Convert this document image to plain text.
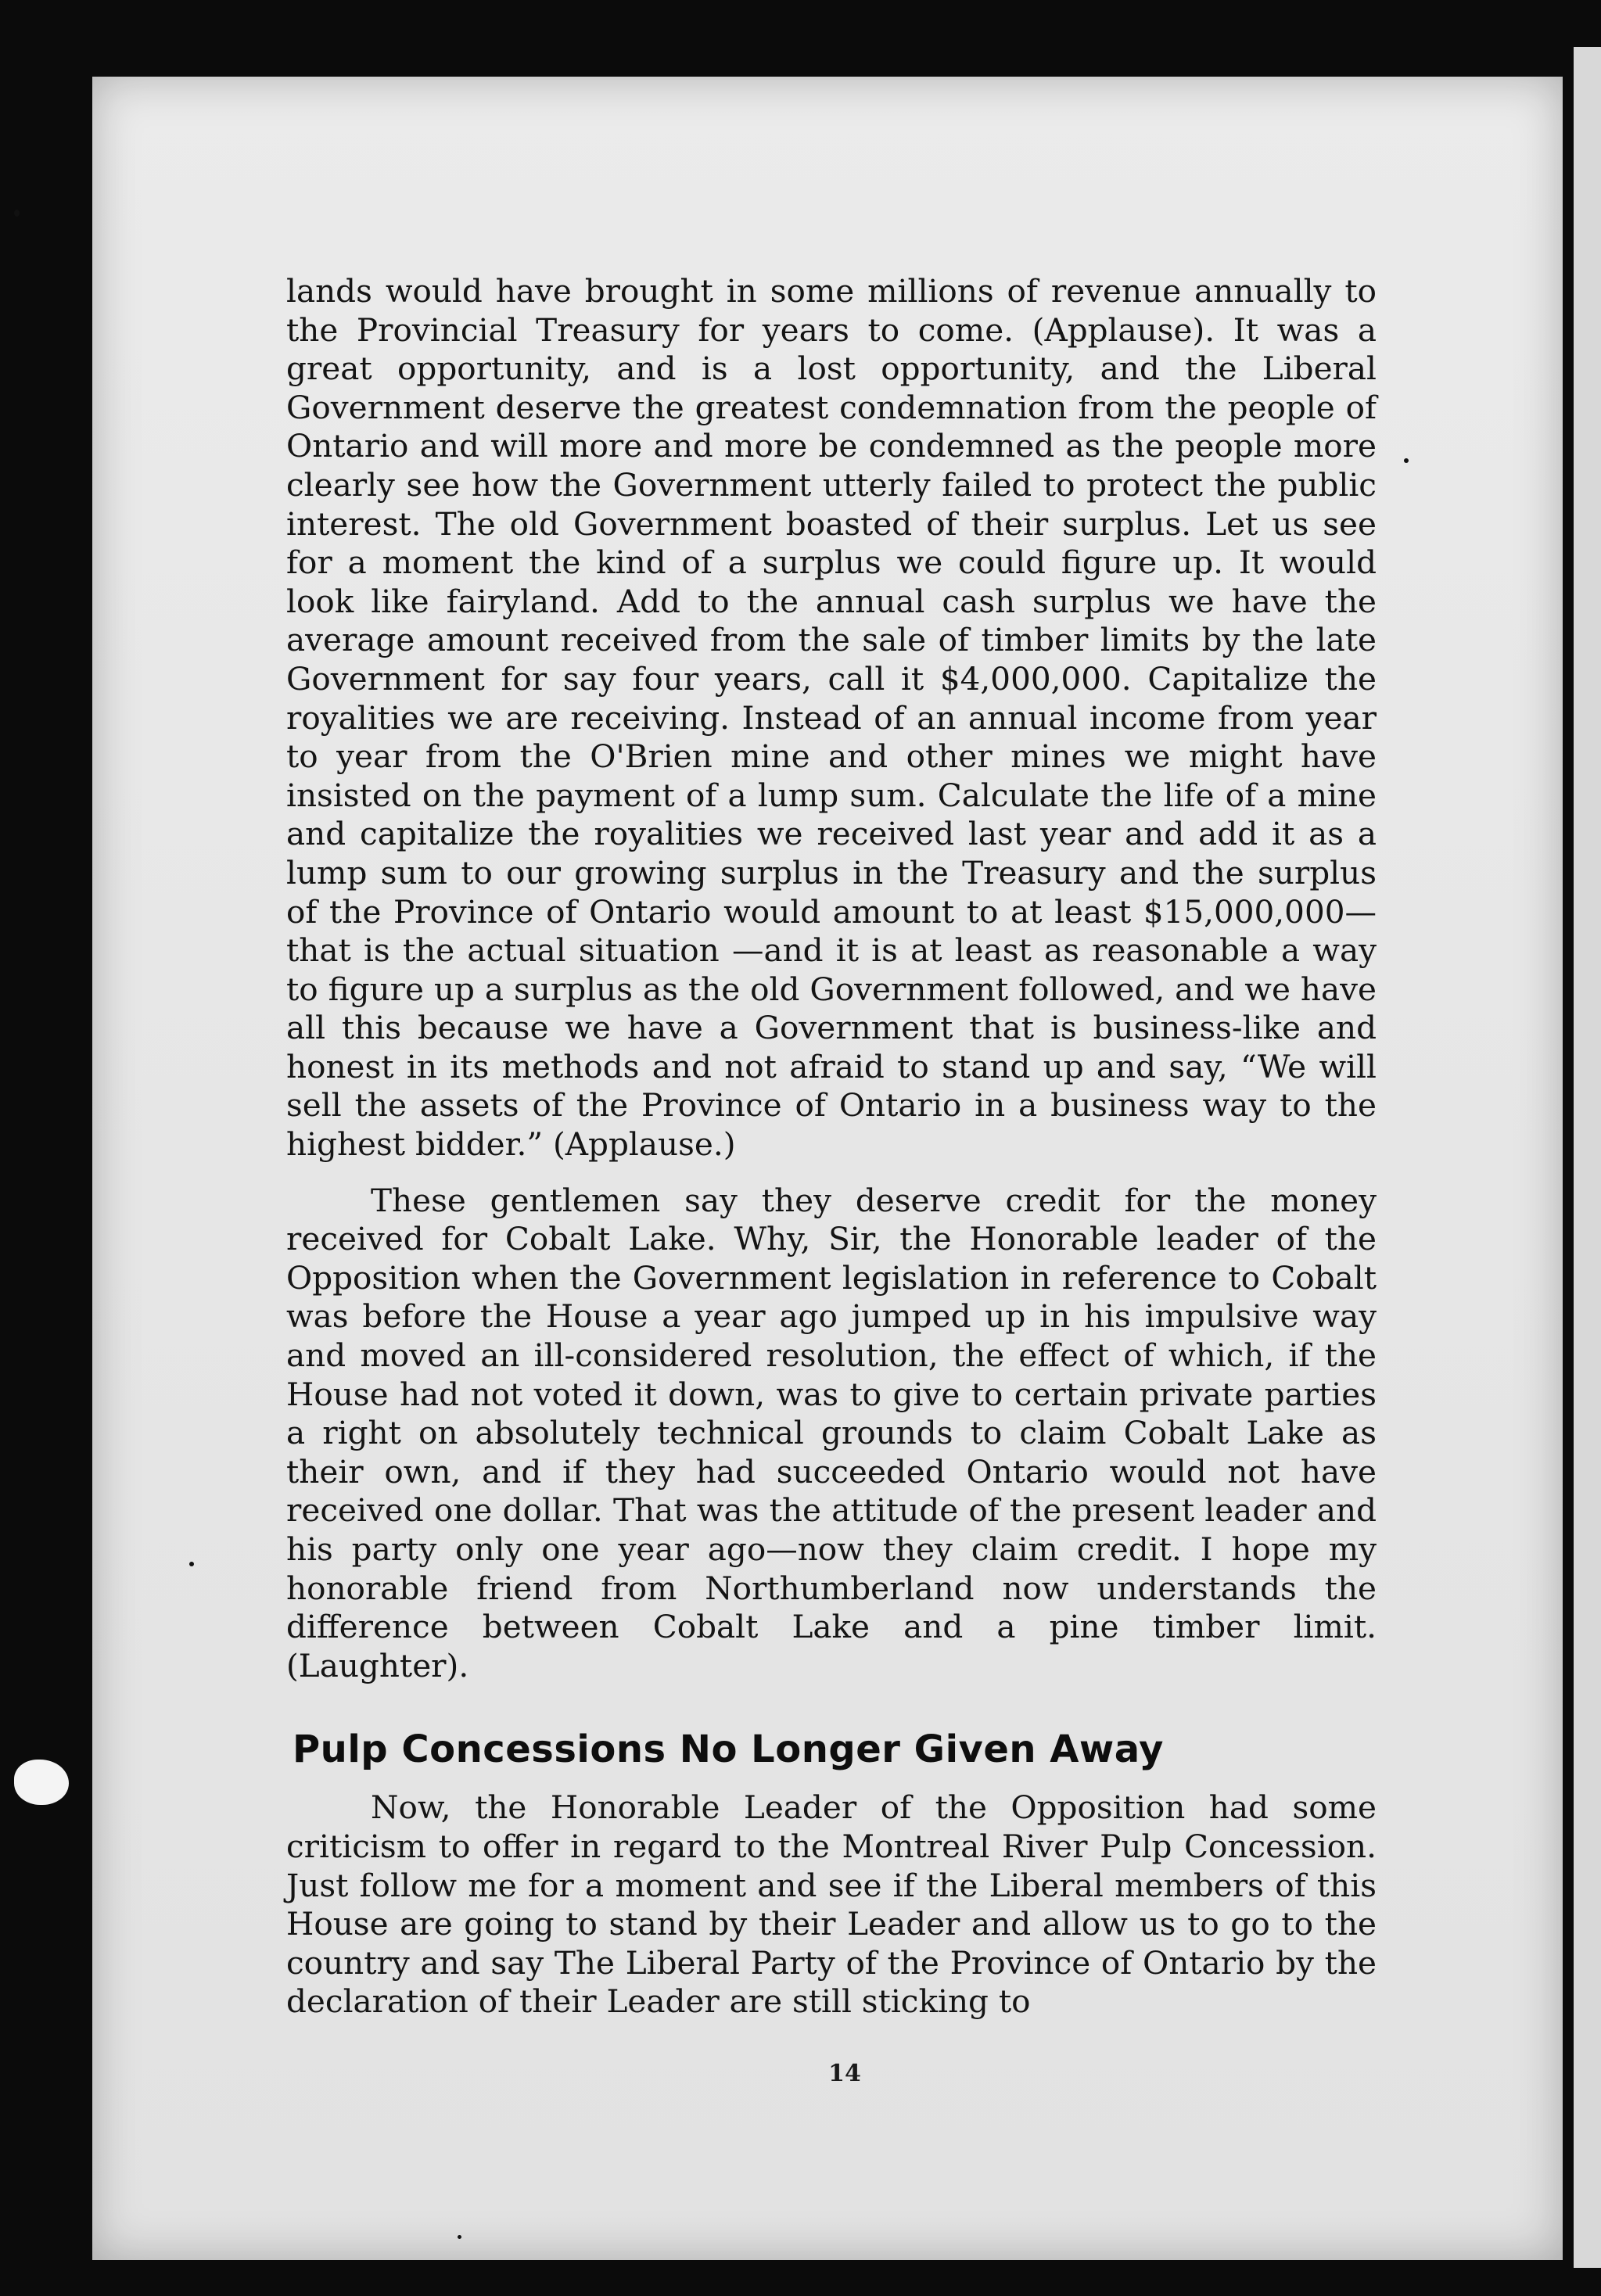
lands would have brought in some millions of revenue annually to the Provincial Treasury for years to come. (Applause). It was a great opportunity, and is a lost opportunity, and the Liberal Government deserve the greatest condemnation from the people of Ontario and will more and more be condemned as the people more clearly see how the Government utterly failed to protect the public interest. The old Government boasted of their surplus. Let us see for a moment the kind of a surplus we could figure up. It would look like fairyland. Add to the annual cash surplus we have the average amount received from the sale of timber limits by the late Government for say four years, call it $4,000,000. Capitalize the royalities we are receiving. Instead of an annual income from year to year from the O'Brien mine and other mines we might have insisted on the payment of a lump sum. Calculate the life of a mine and capitalize the royalities we received last year and add it as a lump sum to our growing surplus in the Treasury and the surplus of the Province of Ontario would amount to at least $15,000,000—that is the actual situation —and it is at least as reasonable a way to figure up a surplus as the old Government followed, and we have all this because we have a Government that is business-like and honest in its methods and not afraid to stand up and say, “We will sell the assets of the Province of Ontario in a business way to the highest bidder.” (Applause.)

These gentlemen say they deserve credit for the money received for Cobalt Lake. Why, Sir, the Honorable leader of the Opposition when the Government legislation in reference to Cobalt was before the House a year ago jumped up in his impulsive way and moved an ill-considered resolution, the effect of which, if the House had not voted it down, was to give to certain private parties a right on absolutely technical grounds to claim Cobalt Lake as their own, and if they had succeeded Ontario would not have received one dollar. That was the attitude of the present leader and his party only one year ago—now they claim credit. I hope my honorable friend from Northumberland now understands the difference between Cobalt Lake and a pine timber limit. (Laughter).

Pulp Concessions No Longer Given Away

Now, the Honorable Leader of the Opposition had some criticism to offer in regard to the Montreal River Pulp Concession. Just follow me for a moment and see if the Liberal members of this House are going to stand by their Leader and allow us to go to the country and say The Liberal Party of the Province of Ontario by the declaration of their Leader are still sticking to

14
